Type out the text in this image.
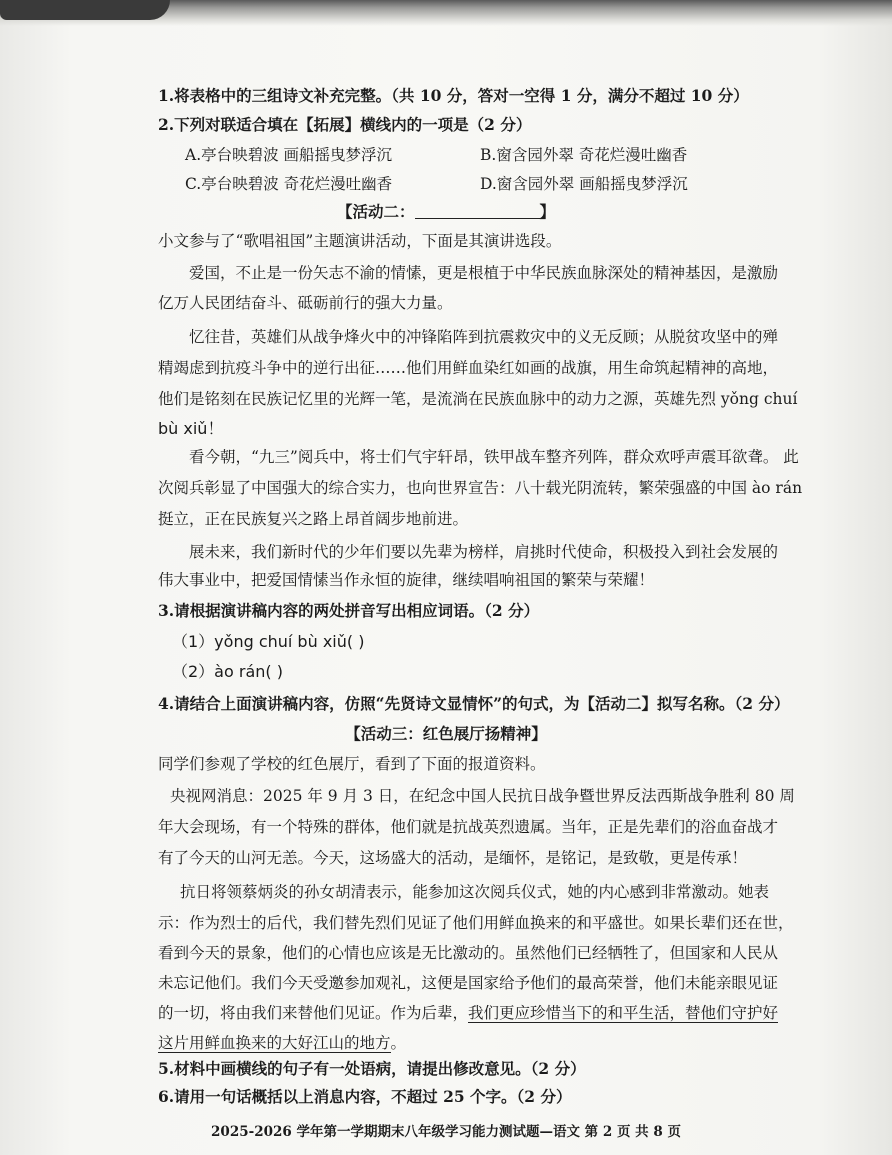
1.将表格中的三组诗文补充完整。（共 10 分，答对一空得 1 分，满分不超过 10 分）
2.下列对联适合填在【拓展】横线内的一项是（2 分）
A.亭台映碧波 画船摇曳梦浮沉	B.窗含园外翠 奇花烂漫吐幽香
C.亭台映碧波 奇花烂漫吐幽香	D.窗含园外翠 画船摇曳梦浮沉
【活动二：	】
小文参与了“歌唱祖国”主题演讲活动，下面是其演讲选段。
爱国，不止是一份矢志不渝的情愫，更是根植于中华民族血脉深处的精神基因，是激励
亿万人民团结奋斗、砥砺前行的强大力量。
忆往昔，英雄们从战争烽火中的冲锋陷阵到抗震救灾中的义无反顾；从脱贫攻坚中的殚
精竭虑到抗疫斗争中的逆行出征……他们用鲜血染红如画的战旗，用生命筑起精神的高地，
他们是铭刻在民族记忆里的光辉一笔，是流淌在民族血脉中的动力之源，英雄先烈 yǒng chuí
bù xiǔ！
看今朝，“九三”阅兵中，将士们气宇轩昂，铁甲战车整齐列阵，群众欢呼声震耳欲聋。 此
次阅兵彰显了中国强大的综合实力，也向世界宣告：八十载光阴流转，繁荣强盛的中国 ào rán
挺立，正在民族复兴之路上昂首阔步地前进。
展未来，我们新时代的少年们要以先辈为榜样，肩挑时代使命，积极投入到社会发展的
伟大事业中，把爱国情愫当作永恒的旋律，继续唱响祖国的繁荣与荣耀！
3.请根据演讲稿内容的两处拼音写出相应词语。（2 分）
（1）yǒng chuí bù xiǔ( )
（2）ào rán( )
4.请结合上面演讲稿内容，仿照“先贤诗文显情怀”的句式，为【活动二】拟写名称。（2 分）
【活动三：红色展厅扬精神】
同学们参观了学校的红色展厅，看到了下面的报道资料。
央视网消息：2025 年 9 月 3 日，在纪念中国人民抗日战争暨世界反法西斯战争胜利 80 周
年大会现场，有一个特殊的群体，他们就是抗战英烈遗属。当年，正是先辈们的浴血奋战才
有了今天的山河无恙。今天，这场盛大的活动，是缅怀，是铭记，是致敬，更是传承！
抗日将领蔡炳炎的孙女胡清表示，能参加这次阅兵仪式，她的内心感到非常激动。她表
示：作为烈士的后代，我们替先烈们见证了他们用鲜血换来的和平盛世。如果长辈们还在世，
看到今天的景象，他们的心情也应该是无比激动的。虽然他们已经牺牲了，但国家和人民从
未忘记他们。我们今天受邀参加观礼，这便是国家给予他们的最高荣誉，他们未能亲眼见证
的一切，将由我们来替他们见证。作为后辈，我们更应珍惜当下的和平生活，替他们守护好
这片用鲜血换来的大好江山的地方。
5.材料中画横线的句子有一处语病，请提出修改意见。（2 分）
6.请用一句话概括以上消息内容，不超过 25 个字。（2 分）
2025-2026 学年第一学期期末八年级学习能力测试题—语文 第 2 页 共 8 页
